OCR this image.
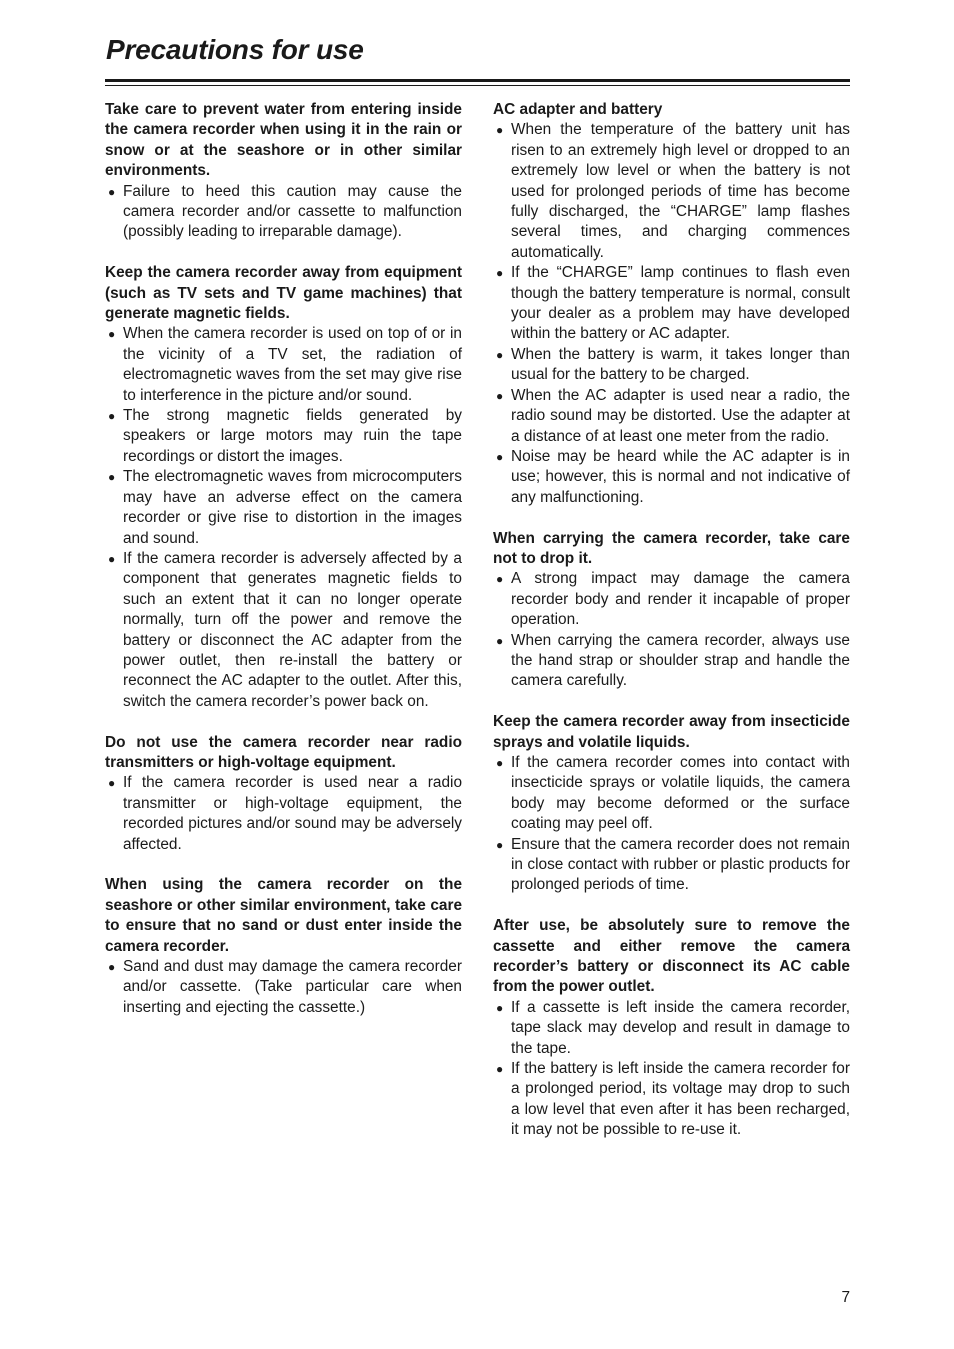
Precautions for use

Take care to prevent water from entering inside the camera recorder when using it in the rain or snow or at the seashore or in other similar environments.

● Failure to heed this caution may cause the camera recorder and/or cassette to malfunction (possibly leading to irreparable damage).

Keep the camera recorder away from equipment (such as TV sets and TV game machines) that generate magnetic fields.

● When the camera recorder is used on top of or in the vicinity of a TV set, the radiation of electromagnetic waves from the set may give rise to interference in the picture and/or sound.
● The strong magnetic fields generated by speakers or large motors may ruin the tape recordings or distort the images.
● The electromagnetic waves from microcomputers may have an adverse effect on the camera recorder or give rise to distortion in the images and sound.
● If the camera recorder is adversely affected by a component that generates magnetic fields to such an extent that it can no longer operate normally, turn off the power and remove the battery or disconnect the AC adapter from the power outlet, then re-install the battery or reconnect the AC adapter to the outlet. After this, switch the camera recorder’s power back on.

Do not use the camera recorder near radio transmitters or high-voltage equipment.

● If the camera recorder is used near a radio transmitter or high-voltage equipment, the recorded pictures and/or sound may be adversely affected.

When using the camera recorder on the seashore or other similar environment, take care to ensure that no sand or dust enter inside the camera recorder.

● Sand and dust may damage the camera recorder and/or cassette. (Take particular care when inserting and ejecting the cassette.)

AC adapter and battery

● When the temperature of the battery unit has risen to an extremely high level or dropped to an extremely low level or when the battery is not used for prolonged periods of time has become fully discharged, the “CHARGE” lamp flashes several times, and charging commences automatically.
● If the “CHARGE” lamp continues to flash even though the battery temperature is normal, consult your dealer as a problem may have developed within the battery or AC adapter.
● When the battery is warm, it takes longer than usual for the battery to be charged.
● When the AC adapter is used near a radio, the radio sound may be distorted. Use the adapter at a distance of at least one meter from the radio.
● Noise may be heard while the AC adapter is in use; however, this is normal and not indicative of any malfunctioning.

When carrying the camera recorder, take care not to drop it.

● A strong impact may damage the camera recorder body and render it incapable of proper operation.
● When carrying the camera recorder, always use the hand strap or shoulder strap and handle the camera carefully.

Keep the camera recorder away from insecticide sprays and volatile liquids.

● If the camera recorder comes into contact with insecticide sprays or volatile liquids, the camera body may become deformed or the surface coating may peel off.
● Ensure that the camera recorder does not remain in close contact with rubber or plastic products for prolonged periods of time.

After use, be absolutely sure to remove the cassette and either remove the camera recorder’s battery or disconnect its AC cable from the power outlet.

● If a cassette is left inside the camera recorder, tape slack may develop and result in damage to the tape.
● If the battery is left inside the camera recorder for a prolonged period, its voltage may drop to such a low level that even after it has been recharged, it may not be possible to re-use it.
7
